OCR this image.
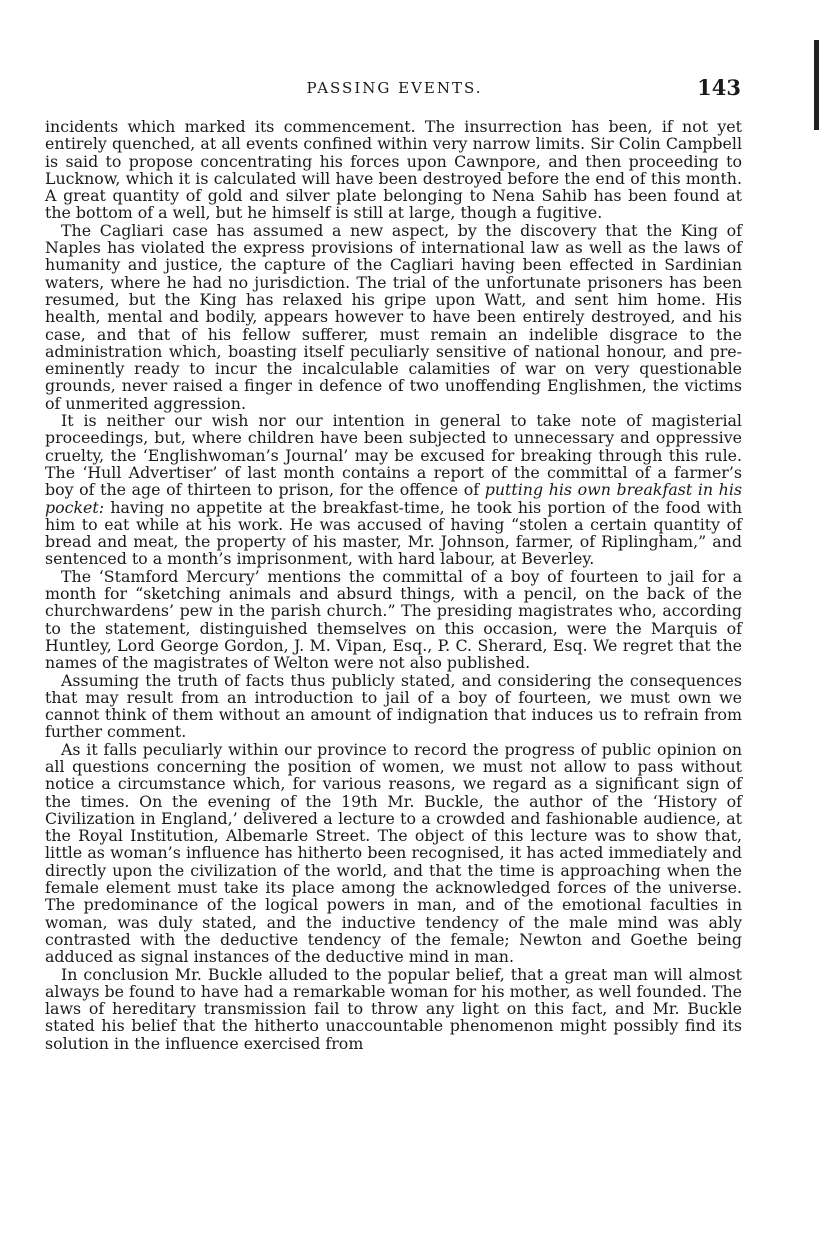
PASSING EVENTS.	143

incidents which marked its commencement. The insurrection has been, if not yet entirely quenched, at all events confined within very narrow limits. Sir Colin Campbell is said to propose concentrating his forces upon Cawnpore, and then proceeding to Lucknow, which it is calculated will have been destroyed before the end of this month. A great quantity of gold and silver plate belonging to Nena Sahib has been found at the bottom of a well, but he himself is still at large, though a fugitive.

The Cagliari case has assumed a new aspect, by the discovery that the King of Naples has violated the express provisions of international law as well as the laws of humanity and justice, the capture of the Cagliari having been effected in Sardinian waters, where he had no jurisdiction. The trial of the unfortunate prisoners has been resumed, but the King has relaxed his gripe upon Watt, and sent him home. His health, mental and bodily, appears however to have been entirely destroyed, and his case, and that of his fellow sufferer, must remain an indelible disgrace to the administration which, boasting itself peculiarly sensitive of national honour, and pre-eminently ready to incur the incalculable calamities of war on very questionable grounds, never raised a finger in defence of two unoffending Englishmen, the victims of unmerited aggression.

It is neither our wish nor our intention in general to take note of magisterial proceedings, but, where children have been subjected to unnecessary and oppressive cruelty, the ‘Englishwoman’s Journal’ may be excused for breaking through this rule. The ‘Hull Advertiser’ of last month contains a report of the committal of a farmer’s boy of the age of thirteen to prison, for the offence of putting his own breakfast in his pocket: having no appetite at the breakfast-time, he took his portion of the food with him to eat while at his work. He was accused of having “stolen a certain quantity of bread and meat, the property of his master, Mr. Johnson, farmer, of Riplingham,” and sentenced to a month’s imprisonment, with hard labour, at Beverley.

The ‘Stamford Mercury’ mentions the committal of a boy of fourteen to jail for a month for “sketching animals and absurd things, with a pencil, on the back of the churchwardens’ pew in the parish church.” The presiding magistrates who, according to the statement, distinguished themselves on this occasion, were the Marquis of Huntley, Lord George Gordon, J. M. Vipan, Esq., P. C. Sherard, Esq. We regret that the names of the magistrates of Welton were not also published.

Assuming the truth of facts thus publicly stated, and considering the consequences that may result from an introduction to jail of a boy of fourteen, we must own we cannot think of them without an amount of indignation that induces us to refrain from further comment.

As it falls peculiarly within our province to record the progress of public opinion on all questions concerning the position of women, we must not allow to pass without notice a circumstance which, for various reasons, we regard as a significant sign of the times. On the evening of the 19th Mr. Buckle, the author of the ‘History of Civilization in England,’ delivered a lecture to a crowded and fashionable audience, at the Royal Institution, Albemarle Street. The object of this lecture was to show that, little as woman’s influence has hitherto been recognised, it has acted immediately and directly upon the civilization of the world, and that the time is approaching when the female element must take its place among the acknowledged forces of the universe. The predominance of the logical powers in man, and of the emotional faculties in woman, was duly stated, and the inductive tendency of the male mind was ably contrasted with the deductive tendency of the female; Newton and Goethe being adduced as signal instances of the deductive mind in man.

In conclusion Mr. Buckle alluded to the popular belief, that a great man will almost always be found to have had a remarkable woman for his mother, as well founded. The laws of hereditary transmission fail to throw any light on this fact, and Mr. Buckle stated his belief that the hitherto unaccountable phenomenon might possibly find its solution in the influence exercised from
